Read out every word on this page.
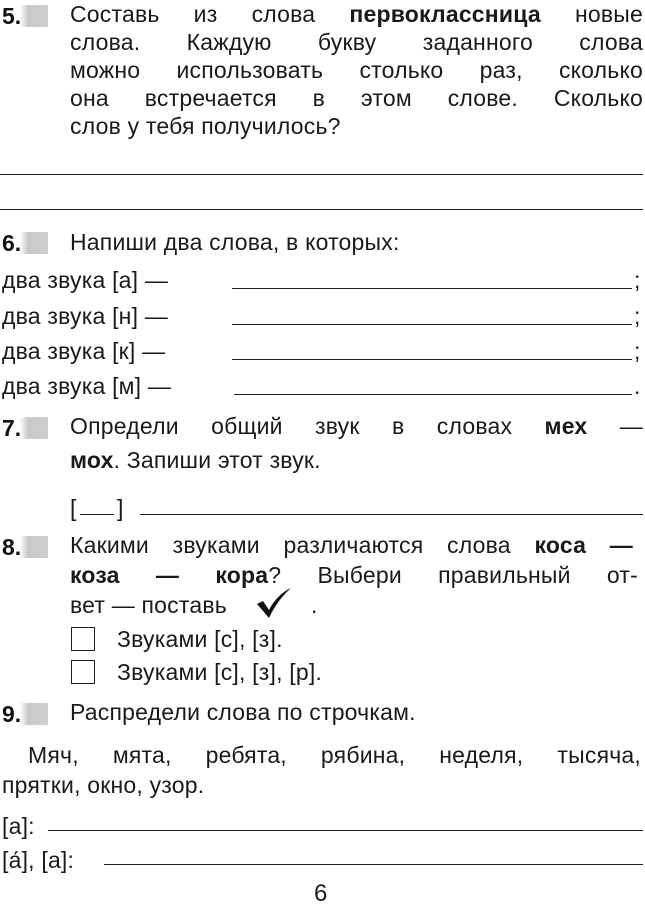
5. Составь из слова первоклассница новые
слова. Каждую букву заданного слова
можно использовать столько раз, сколько
она встречается в этом слове. Сколько
слов у тебя получилось?
6. Напиши два слова, в которых:
два звука [а] —	;
два звука [н] —	;
два звука [к] —	;
два звука [м] —	.
7. Определи общий звук в словах мех —
мох. Запиши этот звук.
[ ]
8. Какими звуками различаются слова коса —
коза — кора? Выбери правильный от-
вет — поставь	.
Звуками [с], [з].
Звуками [с], [з], [р].
9. Распредели слова по строчкам.
Мяч, мята, ребята, рябина, неделя, тысяча,
прятки, окно, узор.
[а]:
[а́], [а]:
6
